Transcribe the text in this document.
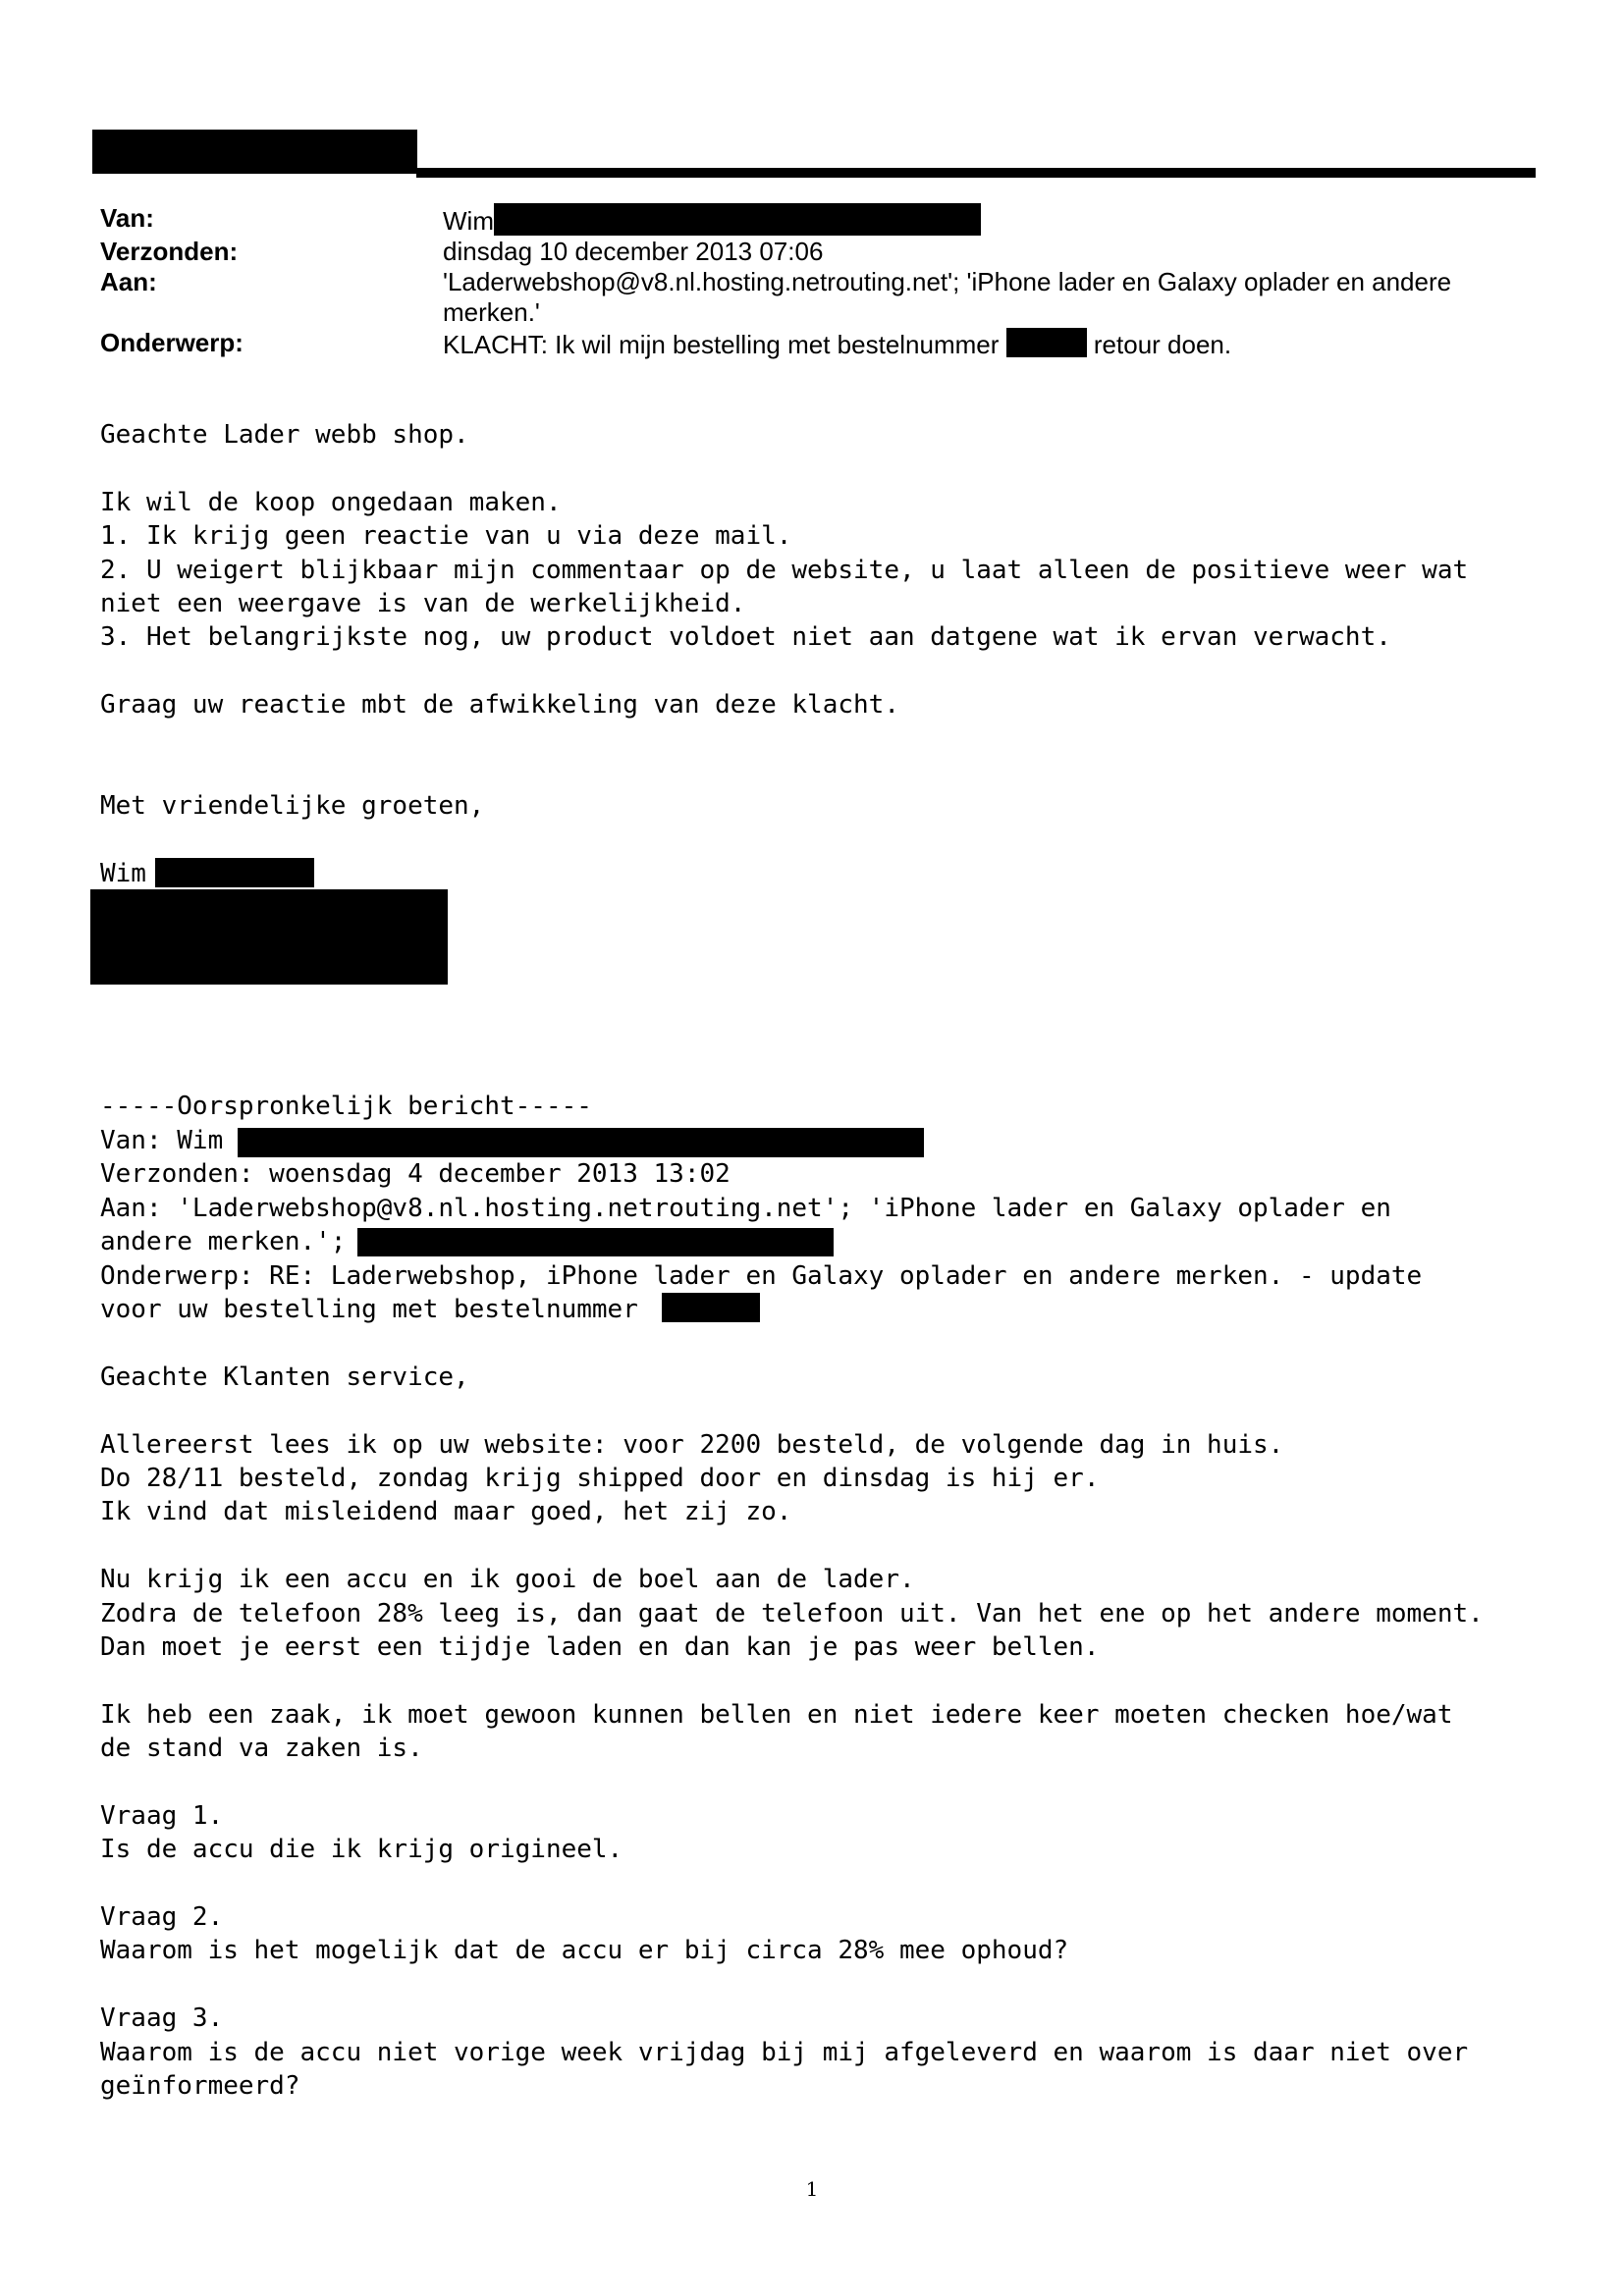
Van:	Wim
Verzonden:	dinsdag 10 december 2013 07:06
Aan:	'Laderwebshop@v8.nl.hosting.netrouting.net'; 'iPhone lader en Galaxy oplader en andere merken.'
Onderwerp:	KLACHT: Ik wil mijn bestelling met bestelnummer	retour doen.
Geachte Lader webb shop.
Ik wil de koop ongedaan maken.
1. Ik krijg geen reactie van u via deze mail.
2. U weigert blijkbaar mijn commentaar op de website, u laat alleen de positieve weer wat
niet een weergave is van de werkelijkheid.
3. Het belangrijkste nog, uw product voldoet niet aan datgene wat ik ervan verwacht.
Graag uw reactie mbt de afwikkeling van deze klacht.
Met vriendelijke groeten,
Wim
-----Oorspronkelijk bericht-----
Van: Wim
Verzonden: woensdag 4 december 2013 13:02
Aan: 'Laderwebshop@v8.nl.hosting.netrouting.net'; 'iPhone lader en Galaxy oplader en
andere merken.';
Onderwerp: RE: Laderwebshop, iPhone lader en Galaxy oplader en andere merken. - update
voor uw bestelling met bestelnummer
Geachte Klanten service,
Allereerst lees ik op uw website: voor 2200 besteld, de volgende dag in huis.
Do 28/11 besteld, zondag krijg shipped door en dinsdag is hij er.
Ik vind dat misleidend maar goed, het zij zo.
Nu krijg ik een accu en ik gooi de boel aan de lader.
Zodra de telefoon 28% leeg is, dan gaat de telefoon uit. Van het ene op het andere moment.
Dan moet je eerst een tijdje laden en dan kan je pas weer bellen.
Ik heb een zaak, ik moet gewoon kunnen bellen en niet iedere keer moeten checken hoe/wat
de stand va zaken is.
Vraag 1.
Is de accu die ik krijg origineel.
Vraag 2.
Waarom is het mogelijk dat de accu er bij circa 28% mee ophoud?
Vraag 3.
Waarom is de accu niet vorige week vrijdag bij mij afgeleverd en waarom is daar niet over
geïnformeerd?
1
